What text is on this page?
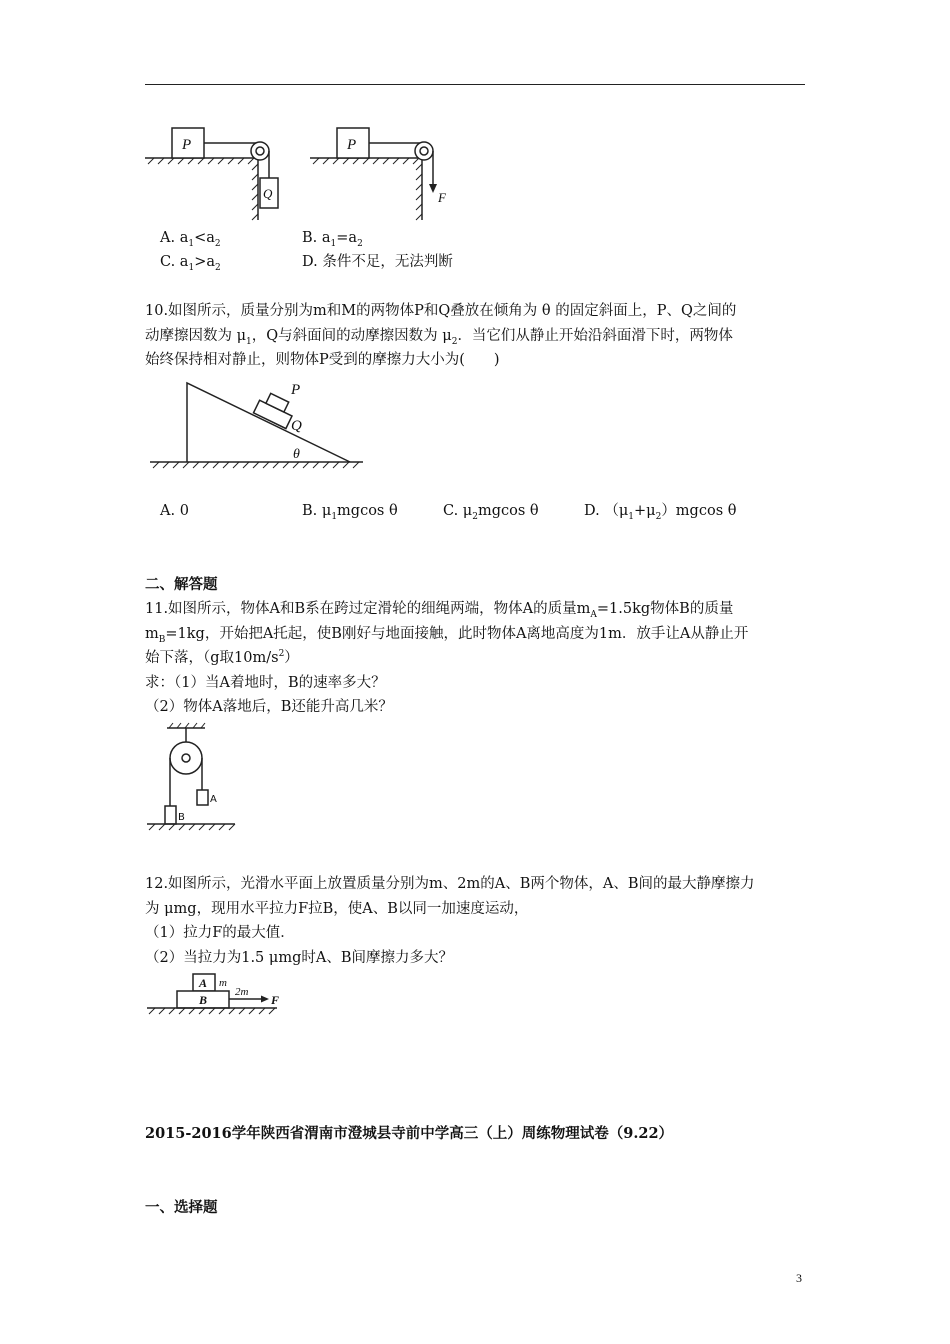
P
Q
P
F
A. $a_1<a_2$	B. $a_1=a_2$
C. $a_1>a_2$	D. 条件不足，无法判断
10.如图所示，质量分别为m和M的两物体P和Q叠放在倾角为 θ 的固定斜面上，P、Q之间的
动摩擦因数为 $\mu_1$，Q与斜面间的动摩擦因数为 $\mu_2$．当它们从静止开始沿斜面滑下时，两物体
始终保持相对静止，则物体P受到的摩擦力大小为(　　)
P
Q
θ
A. 0	B. $\mu_1mgcos$ θ	C. $\mu_2mgcos$ θ	D. $(\mu_1+\mu_2)mgcos$ θ
二、解答题
11.如图所示，物体A和B系在跨过定滑轮的细绳两端，物体A的质量$m_A=1.5kg$物体B的质量
$m_B=1kg$，开始把A托起，使B刚好与地面接触，此时物体A离地高度为1m．放手让A从静止开
始下落，（g取$10m/s^2$）
求：（1）当A着地时，B的速率多大？
（2）物体A落地后，B还能升高几米？
A
B
12.如图所示，光滑水平面上放置质量分别为m、2m的A、B两个物体，A、B间的最大静摩擦力
为 μmg，现用水平拉力F拉B，使A、B以同一加速度运动，
（1）拉力F的最大值．
（2）当拉力为1.5 μmg时A、B间摩擦力多大？
A m
B
2m
F
2015-2016学年陕西省渭南市澄城县寺前中学高三（上）周练物理试卷（9.22）
一、选择题
3
